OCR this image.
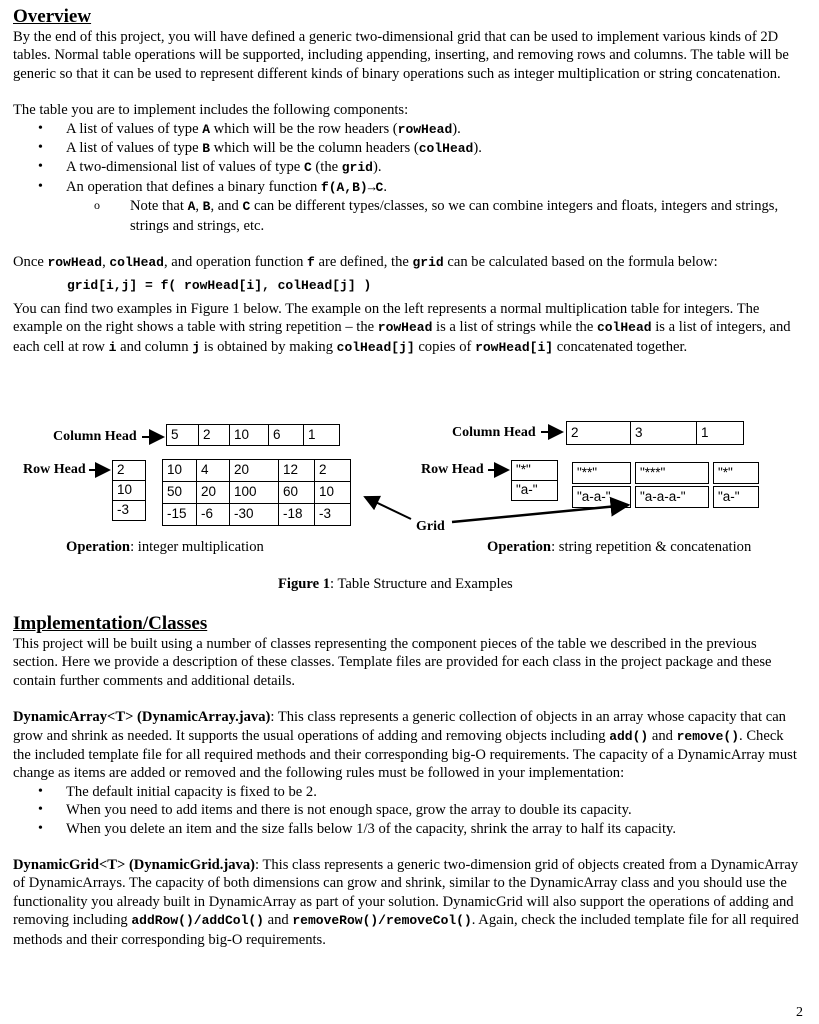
Overview

By the end of this project, you will have defined a generic two-dimensional grid that can be used to implement various kinds of 2D tables. Normal table operations will be supported, including appending, inserting, and removing rows and columns. The table will be generic so that it can be used to represent different kinds of binary operations such as integer multiplication or string concatenation.

The table you are to implement includes the following components:

• A list of values of type A which will be the row headers (rowHead).
• A list of values of type B which will be the column headers (colHead).
• A two-dimensional list of values of type C (the grid).
• An operation that defines a binary function f(A,B)→C.
o Note that A, B, and C can be different types/classes, so we can combine integers and floats, integers and strings, strings and strings, etc.

Once rowHead, colHead, and operation function f are defined, the grid can be calculated based on the formula below:

grid[i,j] = f( rowHead[i], colHead[j] )

You can find two examples in Figure 1 below. The example on the left represents a normal multiplication table for integers. The example on the right shows a table with string repetition – the rowHead is a list of strings while the colHead is a list of integers, and each cell at row i and column j is obtained by making colHead[j] copies of rowHead[i] concatenated together.

Column Head
Row Head
Column Head
Row Head
Grid
5	2	10	6	1
2
10
-3
10	4	20	12	2
50	20	100	60	10
-15	-6	-30	-18	-3
2	3	1
"*"
"a-"
"**"	"***"	"*"
"a-a-"	"a-a-a-"	"a-"
Operation: integer multiplication	Operation: string repetition & concatenation
Figure 1: Table Structure and Examples
Implementation/Classes

This project will be built using a number of classes representing the component pieces of the table we described in the previous section. Here we provide a description of these classes. Template files are provided for each class in the project package and these contain further comments and additional details.

DynamicArray<T> (DynamicArray.java): This class represents a generic collection of objects in an array whose capacity that can grow and shrink as needed. It supports the usual operations of adding and removing objects including add() and remove(). Check the included template file for all required methods and their corresponding big-O requirements. The capacity of a DynamicArray must change as items are added or removed and the following rules must be followed in your implementation:

• The default initial capacity is fixed to be 2.
• When you need to add items and there is not enough space, grow the array to double its capacity.
• When you delete an item and the size falls below 1/3 of the capacity, shrink the array to half its capacity.

DynamicGrid<T> (DynamicGrid.java): This class represents a generic two-dimension grid of objects created from a DynamicArray of DynamicArrays. The capacity of both dimensions can grow and shrink, similar to the DynamicArray class and you should use the functionality you already built in DynamicArray as part of your solution. DynamicGrid will also support the operations of adding and removing including addRow()/addCol() and removeRow()/removeCol(). Again, check the included template file for all required methods and their corresponding big-O requirements.

2
